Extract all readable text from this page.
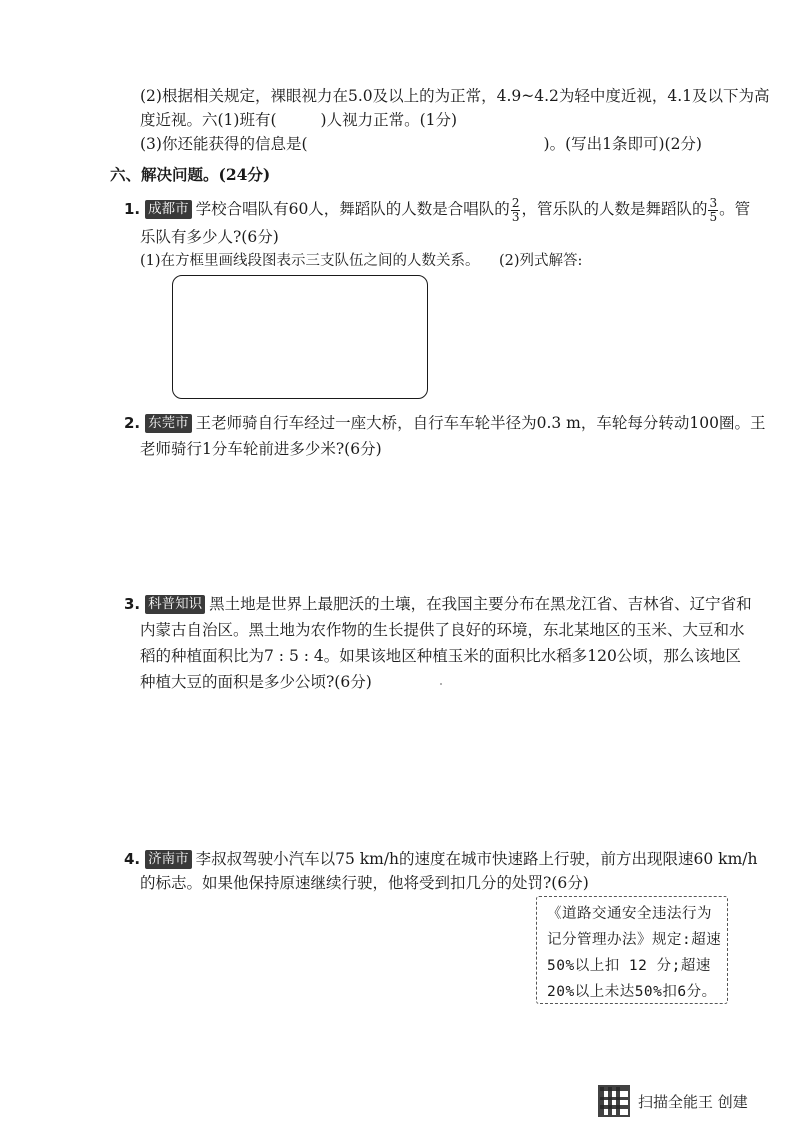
(2)根据相关规定，裸眼视力在5.0及以上的为正常，4.9~4.2为轻中度近视，4.1及以下为高
度近视。六(1)班有(	)人视力正常。(1分)
(3)你还能获得的信息是(	)。(写出1条即可)(2分)
六、解决问题。(24分)
1. 成都市 学校合唱队有60人，舞蹈队的人数是合唱队的 $\frac{2}{3}$ ，管乐队的人数是舞蹈队的 $\frac{3}{5}$ 。管
乐队有多少人?(6分)
(1)在方框里画线段图表示三支队伍之间的人数关系。 (2)列式解答:
2. 东莞市 王老师骑自行车经过一座大桥，自行车车轮半径为0.3 m，车轮每分转动100圈。王
老师骑行1分车轮前进多少米?(6分)
3. 科普知识 黑土地是世界上最肥沃的土壤，在我国主要分布在黑龙江省、吉林省、辽宁省和
内蒙古自治区。黑土地为农作物的生长提供了良好的环境，东北某地区的玉米、大豆和水
稻的种植面积比为7 : 5 : 4。如果该地区种植玉米的面积比水稻多120公顷，那么该地区
种植大豆的面积是多少公顷?(6分)
4. 济南市 李叔叔驾驶小汽车以75 km/h的速度在城市快速路上行驶，前方出现限速60 km/h
的标志。如果他保持原速继续行驶，他将受到扣几分的处罚?(6分)
《道路交通安全违法行为
记分管理办法》规定:超速
50%以上扣 12 分;超速
20%以上未达50%扣6分。
扫描全能王 创建
